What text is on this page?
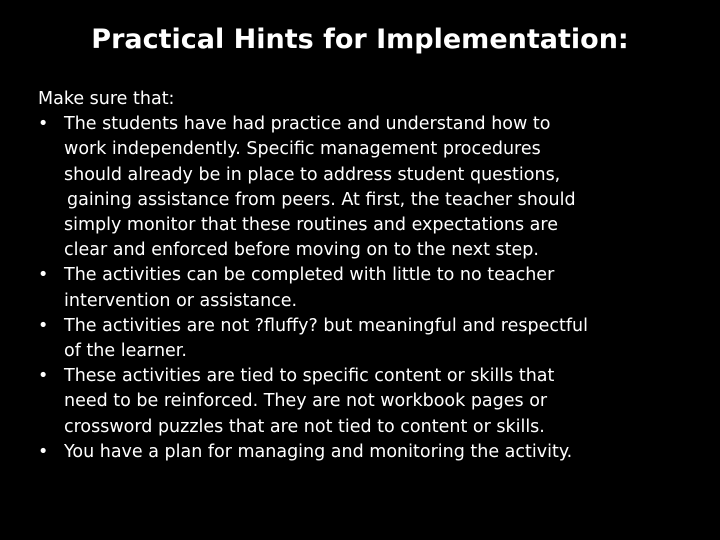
Practical Hints for Implementation:

Make sure that:

• The students have had practice and understand how to
work independently. Specific management procedures
should already be in place to address student questions,
gaining assistance from peers. At first, the teacher should
simply monitor that these routines and expectations are
clear and enforced before moving on to the next step.
• The activities can be completed with little to no teacher
intervention or assistance.
• The activities are not ?fluffy? but meaningful and respectful
of the learner.
• These activities are tied to specific content or skills that
need to be reinforced. They are not workbook pages or
crossword puzzles that are not tied to content or skills.
• You have a plan for managing and monitoring the activity.
